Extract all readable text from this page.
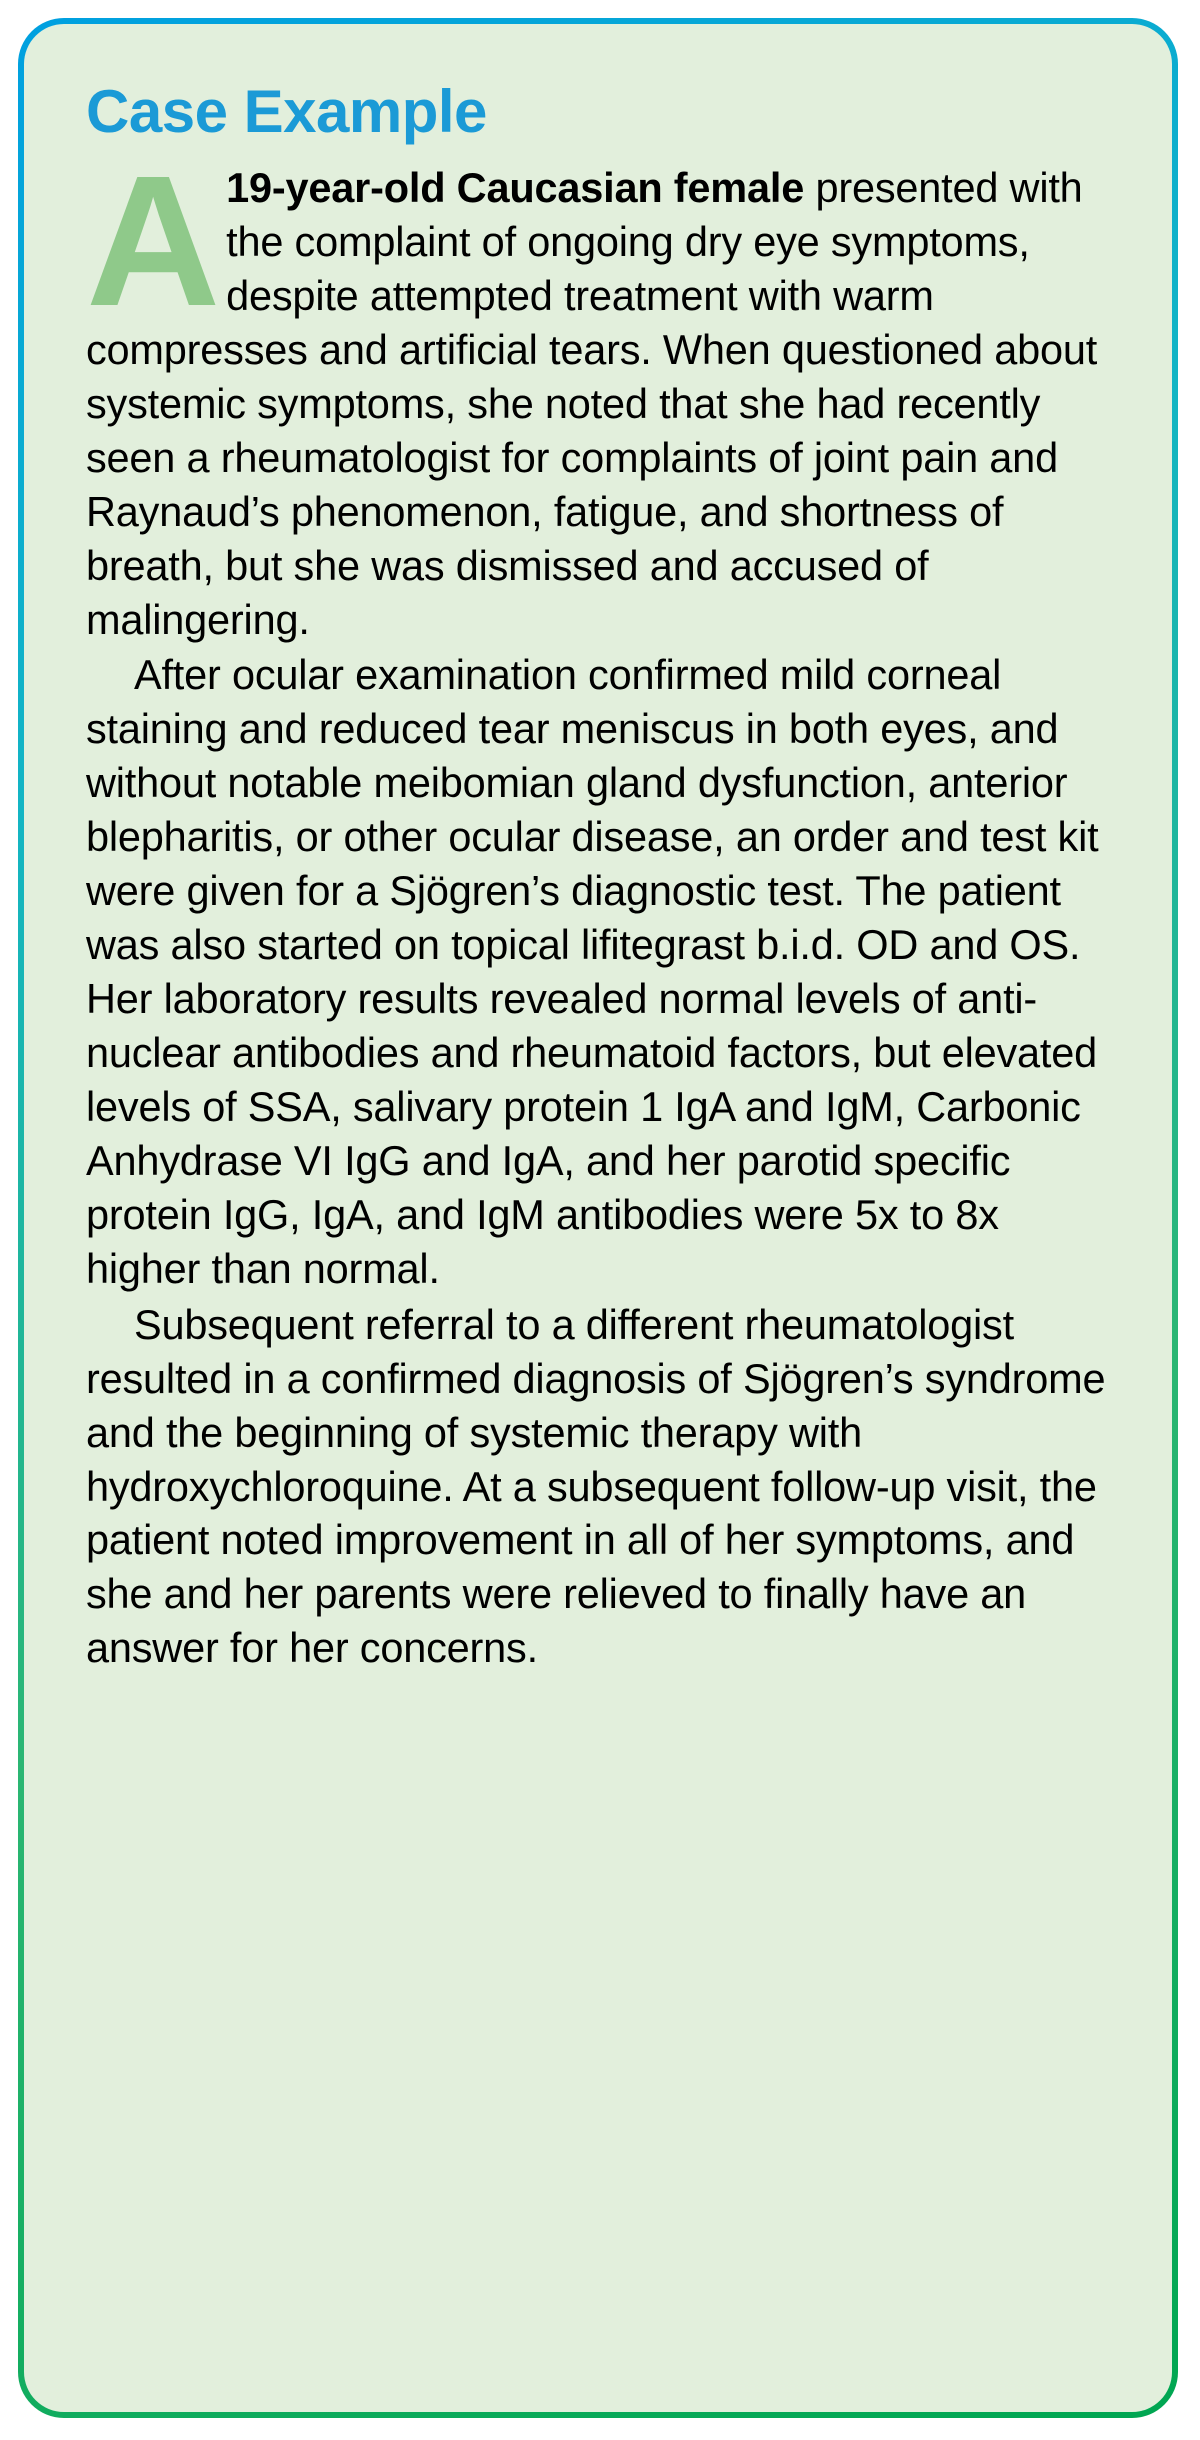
Case Example

A 19-year-old Caucasian female presented with the complaint of ongoing dry eye symptoms, despite attempted treatment with warm compresses and artificial tears. When questioned about systemic symptoms, she noted that she had recently seen a rheumatologist for complaints of joint pain and Raynaud’s phenomenon, fatigue, and shortness of breath, but she was dismissed and accused of malingering.

After ocular examination confirmed mild corneal staining and reduced tear meniscus in both eyes, and without notable meibomian gland dysfunction, anterior blepharitis, or other ocular disease, an order and test kit were given for a Sjögren’s diagnostic test. The patient was also started on topical lifitegrast b.i.d. OD and OS. Her laboratory results revealed normal levels of anti-nuclear antibodies and rheumatoid factors, but elevated levels of SSA, salivary protein 1 IgA and IgM, Carbonic Anhydrase VI IgG and IgA, and her parotid specific protein IgG, IgA, and IgM antibodies were 5x to 8x higher than normal.

Subsequent referral to a different rheumatologist resulted in a confirmed diagnosis of Sjögren’s syndrome and the beginning of systemic therapy with hydroxychloroquine. At a subsequent follow-up visit, the patient noted improvement in all of her symptoms, and she and her parents were relieved to finally have an answer for her concerns.
